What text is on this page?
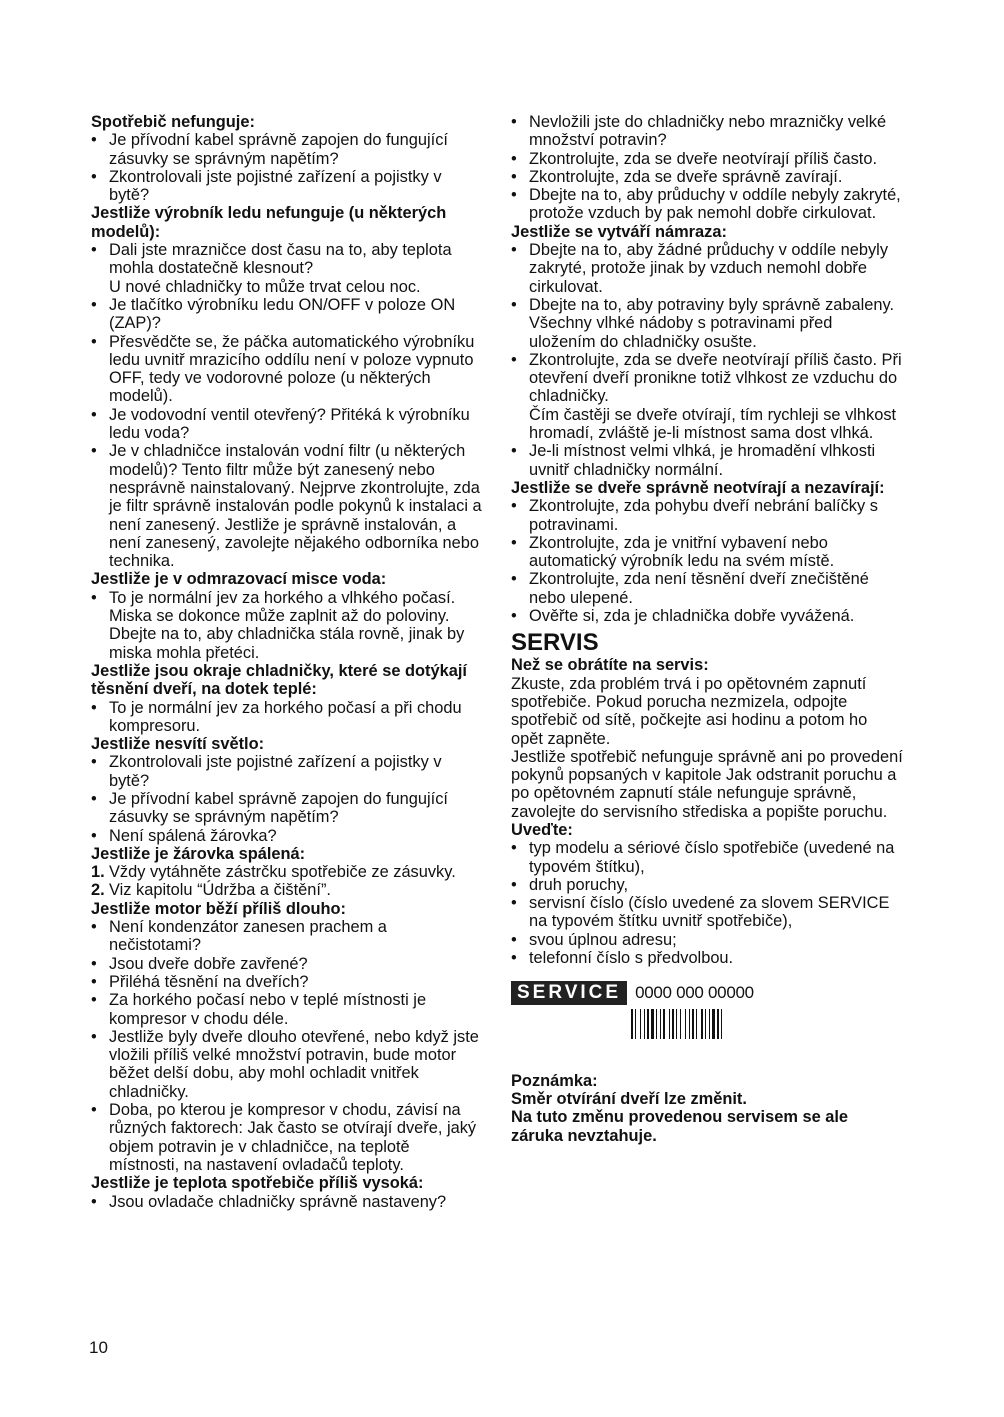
Spotřebič nefunguje:

• Je přívodní kabel správně zapojen do fungující zásuvky se správným napětím?
• Zkontrolovali jste pojistné zařízení a pojistky v bytě?

Jestliže výrobník ledu nefunguje (u některých modelů):

• Dali jste mrazničce dost času na to, aby teplota mohla dostatečně klesnout?
U nové chladničky to může trvat celou noc.
• Je tlačítko výrobníku ledu ON/OFF v poloze ON (ZAP)?
• Přesvědčte se, že páčka automatického výrobníku ledu uvnitř mrazicího oddílu není v poloze vypnuto OFF, tedy ve vodorovné poloze (u některých modelů).
• Je vodovodní ventil otevřený? Přitéká k výrobníku ledu voda?
• Je v chladničce instalován vodní filtr (u některých modelů)? Tento filtr může být zanesený nebo nesprávně nainstalovaný. Nejprve zkontrolujte, zda je filtr správně instalován podle pokynů k instalaci a není zanesený. Jestliže je správně instalován, a není zanesený, zavolejte nějakého odborníka nebo technika.

Jestliže je v odmrazovací misce voda:

• To je normální jev za horkého a vlhkého počasí.
Miska se dokonce může zaplnit až do poloviny.
Dbejte na to, aby chladnička stála rovně, jinak by miska mohla přetéci.

Jestliže jsou okraje chladničky, které se dotýkají těsnění dveří, na dotek teplé:

• To je normální jev za horkého počasí a při chodu kompresoru.

Jestliže nesvítí světlo:

• Zkontrolovali jste pojistné zařízení a pojistky v bytě?
• Je přívodní kabel správně zapojen do fungující zásuvky se správným napětím?
• Není spálená žárovka?

Jestliže je žárovka spálená:

1. Vždy vytáhněte zástrčku spotřebiče ze zásuvky.
2. Viz kapitolu “Údržba a čištění”.

Jestliže motor běží příliš dlouho:

• Není kondenzátor zanesen prachem a nečistotami?
• Jsou dveře dobře zavřené?
• Přiléhá těsnění na dveřích?
• Za horkého počasí nebo v teplé místnosti je kompresor v chodu déle.
• Jestliže byly dveře dlouho otevřené, nebo když jste vložili příliš velké množství potravin, bude motor běžet delší dobu, aby mohl ochladit vnitřek chladničky.
• Doba, po kterou je kompresor v chodu, závisí na různých faktorech: Jak často se otvírají dveře, jaký objem potravin je v chladničce, na teplotě místnosti, na nastavení ovladačů teploty.

Jestliže je teplota spotřebiče příliš vysoká:

• Jsou ovladače chladničky správně nastaveny?
• Nevložili jste do chladničky nebo mrazničky velké množství potravin?
• Zkontrolujte, zda se dveře neotvírají příliš často.
• Zkontrolujte, zda se dveře správně zavírají.
• Dbejte na to, aby průduchy v oddíle nebyly zakryté, protože vzduch by pak nemohl dobře cirkulovat.

Jestliže se vytváří námraza:

• Dbejte na to, aby žádné průduchy v oddíle nebyly zakryté, protože jinak by vzduch nemohl dobře cirkulovat.
• Dbejte na to, aby potraviny byly správně zabaleny. Všechny vlhké nádoby s potravinami před uložením do chladničky osušte.
• Zkontrolujte, zda se dveře neotvírají příliš často. Při otevření dveří pronikne totiž vlhkost ze vzduchu do chladničky.
Čím častěji se dveře otvírají, tím rychleji se vlhkost hromadí, zvláště je-li místnost sama dost vlhká.
• Je-li místnost velmi vlhká, je hromadění vlhkosti uvnitř chladničky normální.

Jestliže se dveře správně neotvírají a nezavírají:

• Zkontrolujte, zda pohybu dveří nebrání balíčky s potravinami.
• Zkontrolujte, zda je vnitřní vybavení nebo automatický výrobník ledu na svém místě.
• Zkontrolujte, zda není těsnění dveří znečištěné nebo ulepené.
• Ověřte si, zda je chladnička dobře vyvážená.
SERVIS

Než se obrátíte na servis:

Zkuste, zda problém trvá i po opětovném zapnutí spotřebiče. Pokud porucha nezmizela, odpojte spotřebič od sítě, počkejte asi hodinu a potom ho opět zapněte.

Jestliže spotřebič nefunguje správně ani po provedení pokynů popsaných v kapitole Jak odstranit poruchu a po opětovném zapnutí stále nefunguje správně, zavolejte do servisního střediska a popište poruchu.

Uveďte:

• typ modelu a sériové číslo spotřebiče (uvedené na typovém štítku),
• druh poruchy,
• servisní číslo (číslo uvedené za slovem SERVICE na typovém štítku uvnitř spotřebiče),
• svou úplnou adresu;
• telefonní číslo s předvolbou.
SERVICE 0000 000 00000
Poznámka:
Směr otvírání dveří lze změnit.
Na tuto změnu provedenou servisem se ale záruka nevztahuje.
10
